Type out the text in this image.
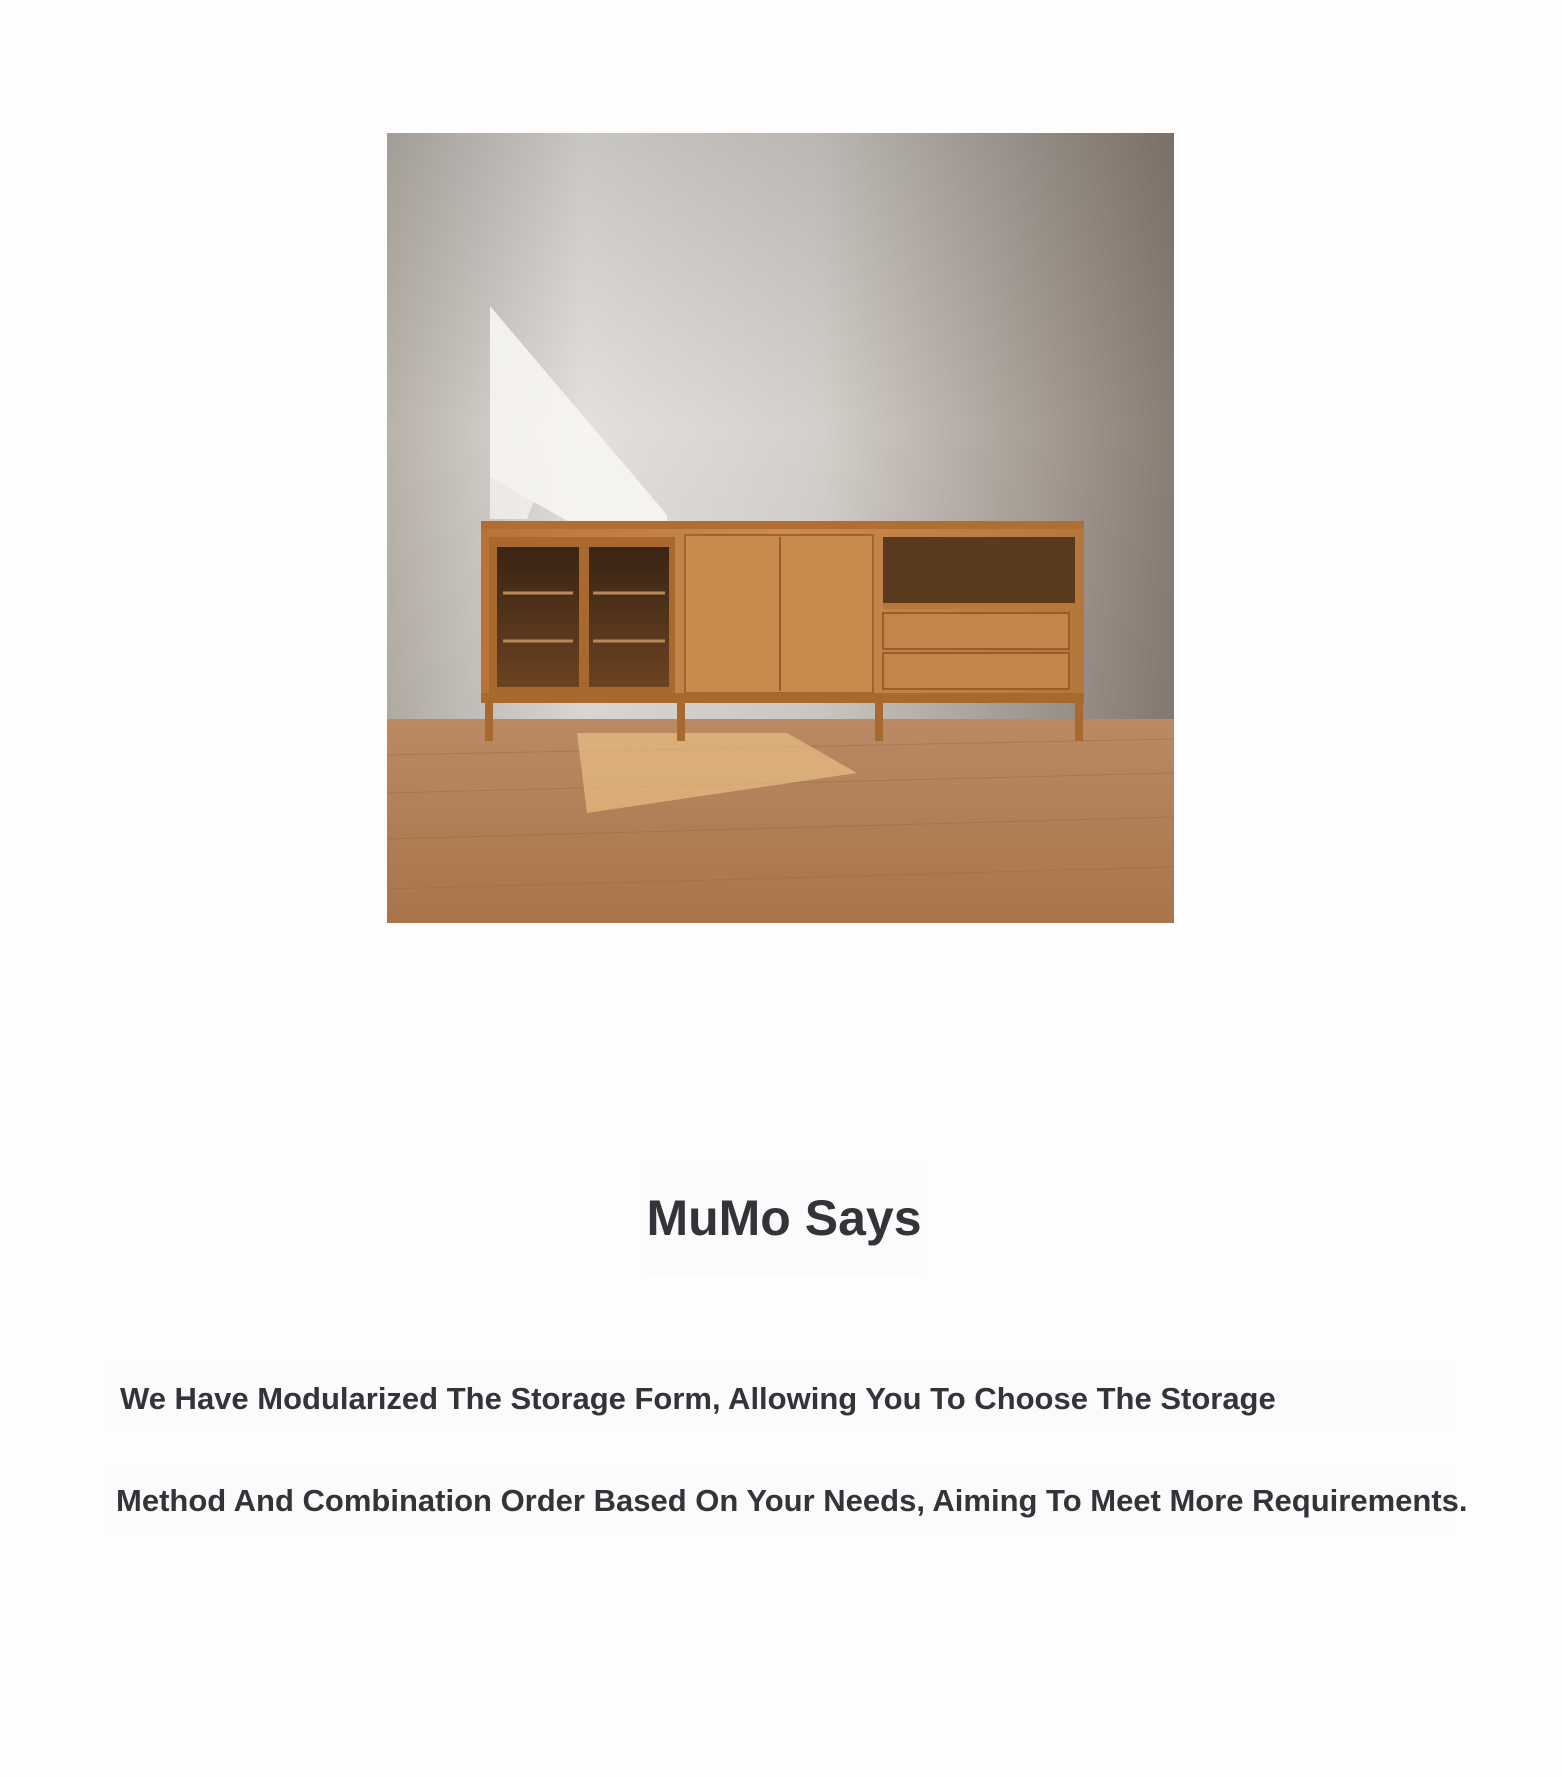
MuMo Says

We Have Modularized The Storage Form, Allowing You To Choose The Storage

Method And Combination Order Based On Your Needs, Aiming To Meet More Requirements.
